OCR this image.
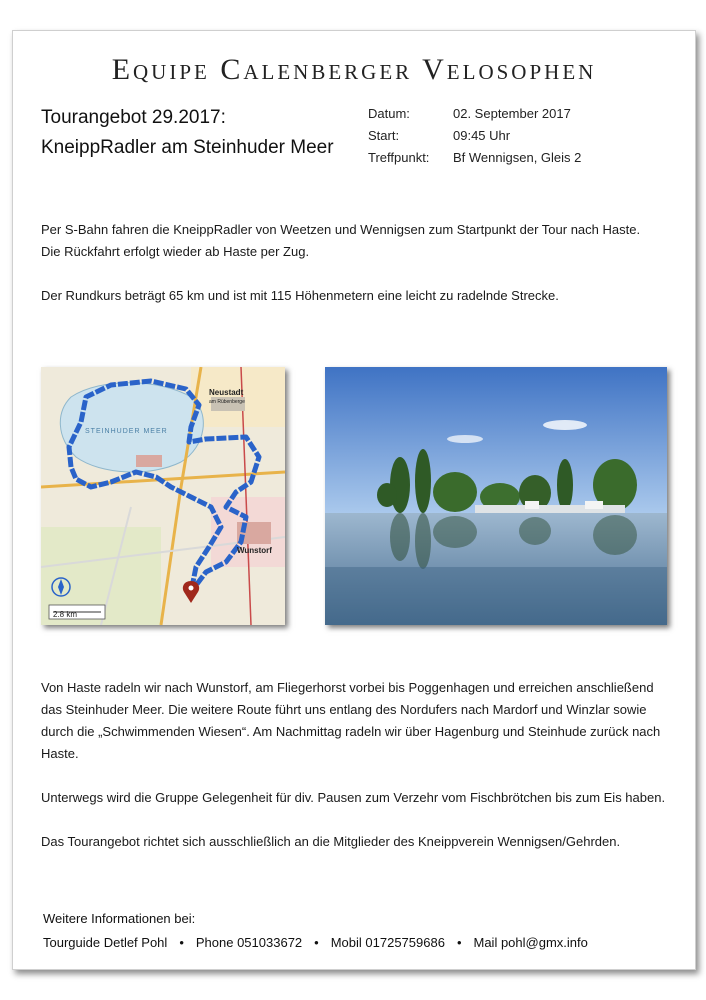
Equipe Calenberger Velosophen
Tourangebot 29.2017:
KneippRadler am Steinhuder Meer
Datum:	02. September 2017
Start:	09:45 Uhr
Treffpunkt:	Bf Wennigsen, Gleis 2

Per S-Bahn fahren die KneippRadler von Weetzen und Wennigsen zum Startpunkt der Tour nach Haste.

Die Rückfahrt erfolgt wieder ab Haste per Zug.

Der Rundkurs beträgt 65 km und ist mit 115 Höhenmetern eine leicht zu radelnde Strecke.

2.8 km
STEINHUDER MEER
Neustadt
am Rübenberge
Wunstorf

Von Haste radeln wir nach Wunstorf, am Fliegerhorst vorbei bis Poggenhagen und erreichen anschließend das Steinhuder Meer. Die weitere Route führt uns entlang des Nordufers nach Mardorf und Winzlar sowie durch die „Schwimmenden Wiesen“. Am Nachmittag radeln wir über Hagenburg und Steinhude zurück nach Haste.

Unterwegs wird die Gruppe Gelegenheit für div. Pausen zum Verzehr vom Fischbrötchen bis zum Eis haben.

Das Tourangebot richtet sich ausschließlich an die Mitglieder des Kneippverein Wennigsen/Gehrden.

Weitere Informationen bei:
Tourguide Detlef Pohl • Phone 051033672 • Mobil 01725759686 • Mail pohl@gmx.info
